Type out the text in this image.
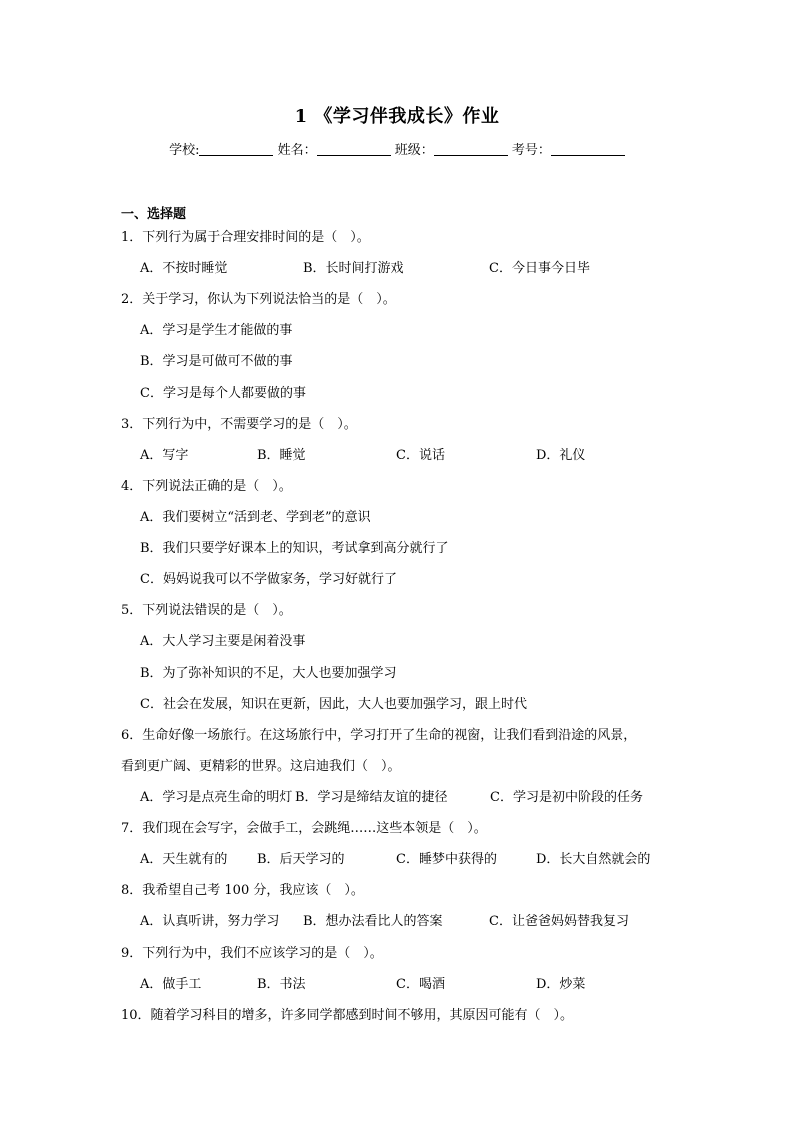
1 《学习伴我成长》作业
学校:	姓名：	班级：	考号：
一、选择题
1．下列行为属于合理安排时间的是（　）。
A．不按时睡觉	B．长时间打游戏	C．今日事今日毕
2．关于学习，你认为下列说法恰当的是（　）。
A．学习是学生才能做的事
B．学习是可做可不做的事
C．学习是每个人都要做的事
3．下列行为中，不需要学习的是（　）。
A．写字	B．睡觉	C．说话	D．礼仪
4．下列说法正确的是（　）。
A．我们要树立“活到老、学到老”的意识
B．我们只要学好课本上的知识，考试拿到高分就行了
C．妈妈说我可以不学做家务，学习好就行了
5．下列说法错误的是（　）。
A．大人学习主要是闲着没事
B．为了弥补知识的不足，大人也要加强学习
C．社会在发展，知识在更新，因此，大人也要加强学习，跟上时代
6．生命好像一场旅行。在这场旅行中，学习打开了生命的视窗，让我们看到沿途的风景，
看到更广阔、更精彩的世界。这启迪我们（　）。
A．学习是点亮生命的明灯 B．学习是缔结友谊的捷径	C．学习是初中阶段的任务
7．我们现在会写字，会做手工，会跳绳……这些本领是（　）。
A．天生就有的 B．后天学习的	C．睡梦中获得的	D．长大自然就会的
8．我希望自己考 100 分，我应该（　）。
A．认真听讲，努力学习 B．想办法看比人的答案	C．让爸爸妈妈替我复习
9．下列行为中，我们不应该学习的是（　）。
A．做手工	B．书法	C．喝酒	D．炒菜
10．随着学习科目的增多，许多同学都感到时间不够用，其原因可能有（　）。
